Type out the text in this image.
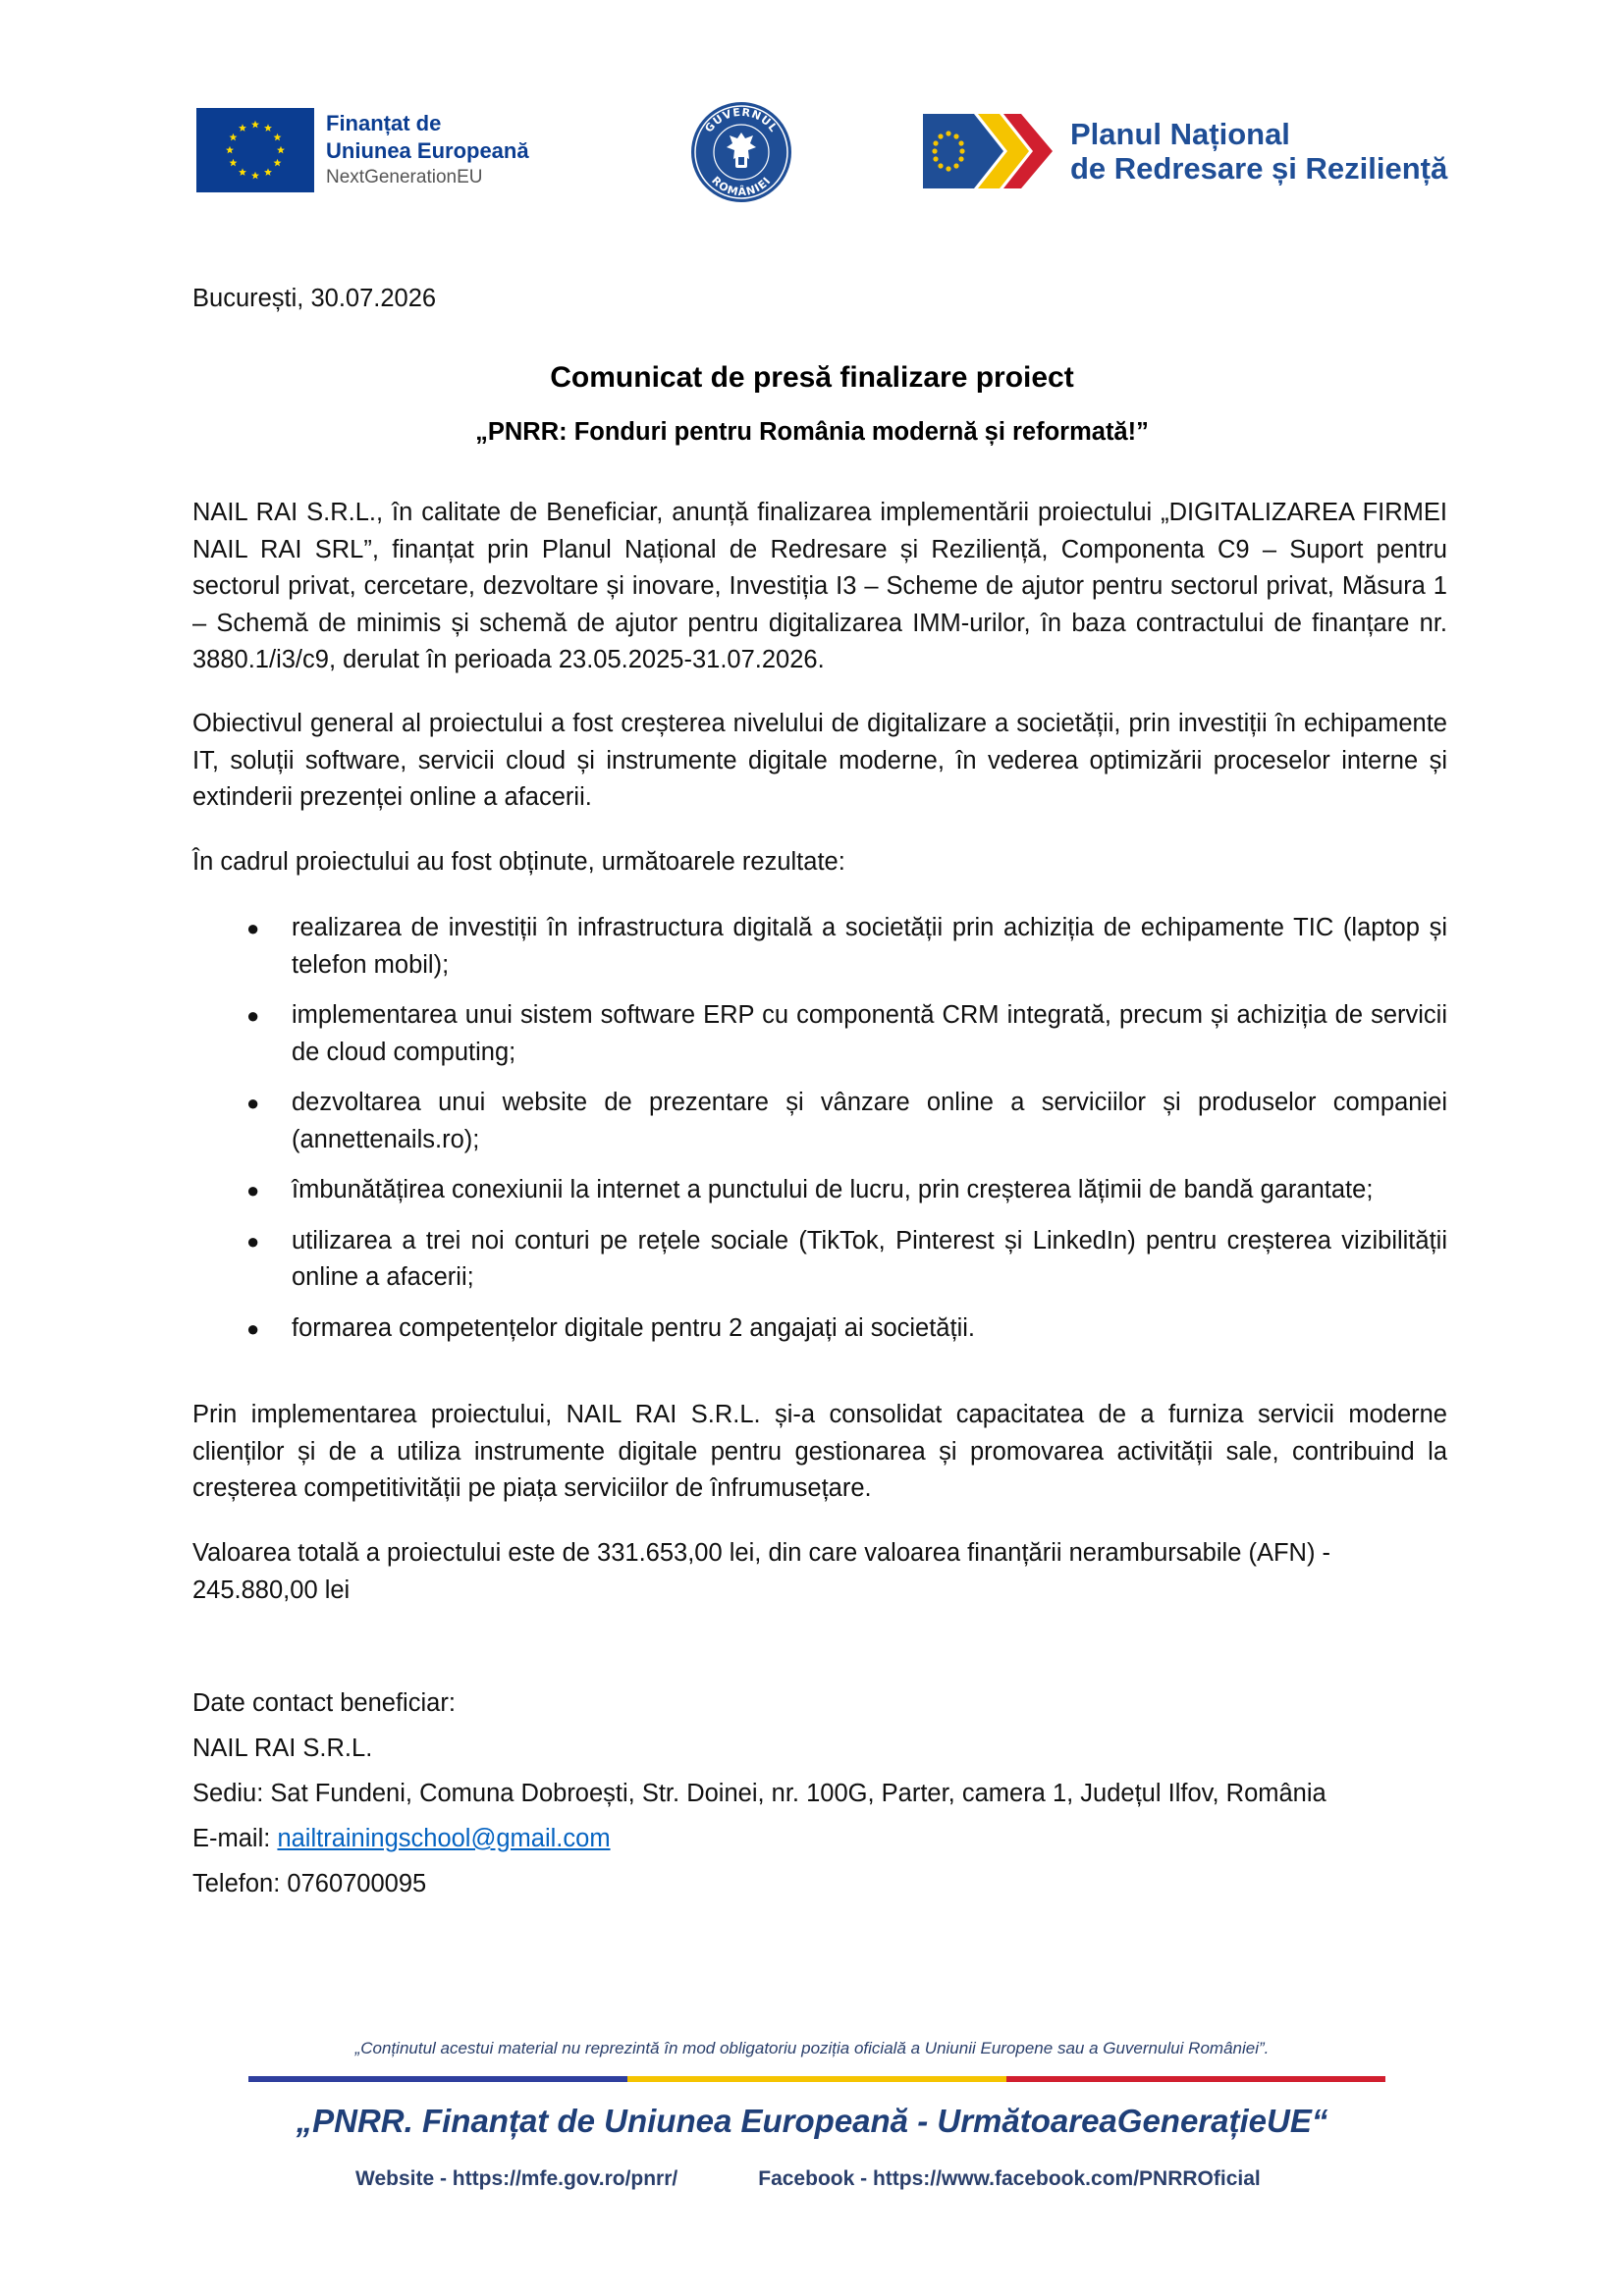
Finanțat de
Uniunea Europeană
NextGenerationEU
GUVERNUL
ROMÂNIEI
Planul Național
de Redresare și Reziliență
București, 30.07.2026
Comunicat de presă finalizare proiect
„PNRR: Fonduri pentru România modernă și reformată!”

NAIL RAI S.R.L., în calitate de Beneficiar, anunță finalizarea implementării proiectului „DIGITALIZAREA FIRMEI NAIL RAI SRL”, finanțat prin Planul Național de Redresare și Reziliență, Componenta C9 – Suport pentru sectorul privat, cercetare, dezvoltare și inovare, Investiția I3 – Scheme de ajutor pentru sectorul privat, Măsura 1 – Schemă de minimis și schemă de ajutor pentru digitalizarea IMM-urilor, în baza contractului de finanțare nr. 3880.1/i3/c9, derulat în perioada 23.05.2025-31.07.2026.

Obiectivul general al proiectului a fost creșterea nivelului de digitalizare a societății, prin investiții în echipamente IT, soluții software, servicii cloud și instrumente digitale moderne, în vederea optimizării proceselor interne și extinderii prezenței online a afacerii.

În cadrul proiectului au fost obținute, următoarele rezultate:

● realizarea de investiții în infrastructura digitală a societății prin achiziția de echipamente TIC (laptop și telefon mobil);
● implementarea unui sistem software ERP cu componentă CRM integrată, precum și achiziția de servicii de cloud computing;
● dezvoltarea unui website de prezentare și vânzare online a serviciilor și produselor companiei (annettenails.ro);
● îmbunătățirea conexiunii la internet a punctului de lucru, prin creșterea lățimii de bandă garantate;
● utilizarea a trei noi conturi pe rețele sociale (TikTok, Pinterest și LinkedIn) pentru creșterea vizibilității online a afacerii;
● formarea competențelor digitale pentru 2 angajați ai societății.

Prin implementarea proiectului, NAIL RAI S.R.L. și-a consolidat capacitatea de a furniza servicii moderne clienților și de a utiliza instrumente digitale pentru gestionarea și promovarea activității sale, contribuind la creșterea competitivității pe piața serviciilor de înfrumusețare.

Valoarea totală a proiectului este de 331.653,00 lei, din care valoarea finanțării nerambursabile (AFN) - 245.880,00 lei

Date contact beneficiar:
NAIL RAI S.R.L.
Sediu: Sat Fundeni, Comuna Dobroești, Str. Doinei, nr. 100G, Parter, camera 1, Județul Ilfov, România
E-mail: nailtrainingschool@gmail.com
Telefon: 0760700095
„Conținutul acestui material nu reprezintă în mod obligatoriu poziția oficială a Uniunii Europene sau a Guvernului României”.
„PNRR. Finanțat de Uniunea Europeană - UrmătoareaGenerațieUE“
Website - https://mfe.gov.ro/pnrr/	Facebook - https://www.facebook.com/PNRROficial
